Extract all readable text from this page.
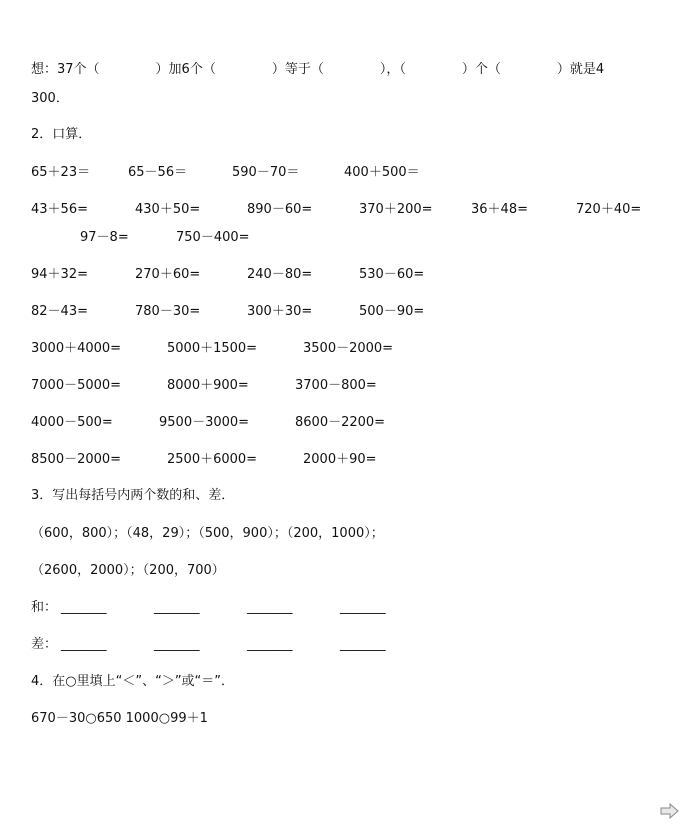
想：37个（	）加6个（	）等于（	），（	）个（	）就是4
300．
2．口算．
65＋23＝	65－56＝	590－70＝	400＋500＝
43＋56=	430＋50=	890－60=	370＋200=	36＋48=	720＋40=
97－8=	750－400=
94＋32=	270＋60=	240－80=	530－60=
82－43=	780－30=	300＋30=	500－90=
3000＋4000=	5000＋1500=	3500－2000=
7000－5000=	8000＋900=	3700－800=
4000－500=	9500－3000=	8600－2200=
8500－2000=	2500＋6000=	2000＋90=
3．写出每括号内两个数的和、差．
（600，800）；（48，29）；（500，900）；（200，1000）；
（2600，2000）；（200，700）
和： _______	_______	_______	_______
差： _______	_______	_______	_______
4．在○里填上“＜”、“＞”或“＝”．
670－30○650 1000○99＋1
